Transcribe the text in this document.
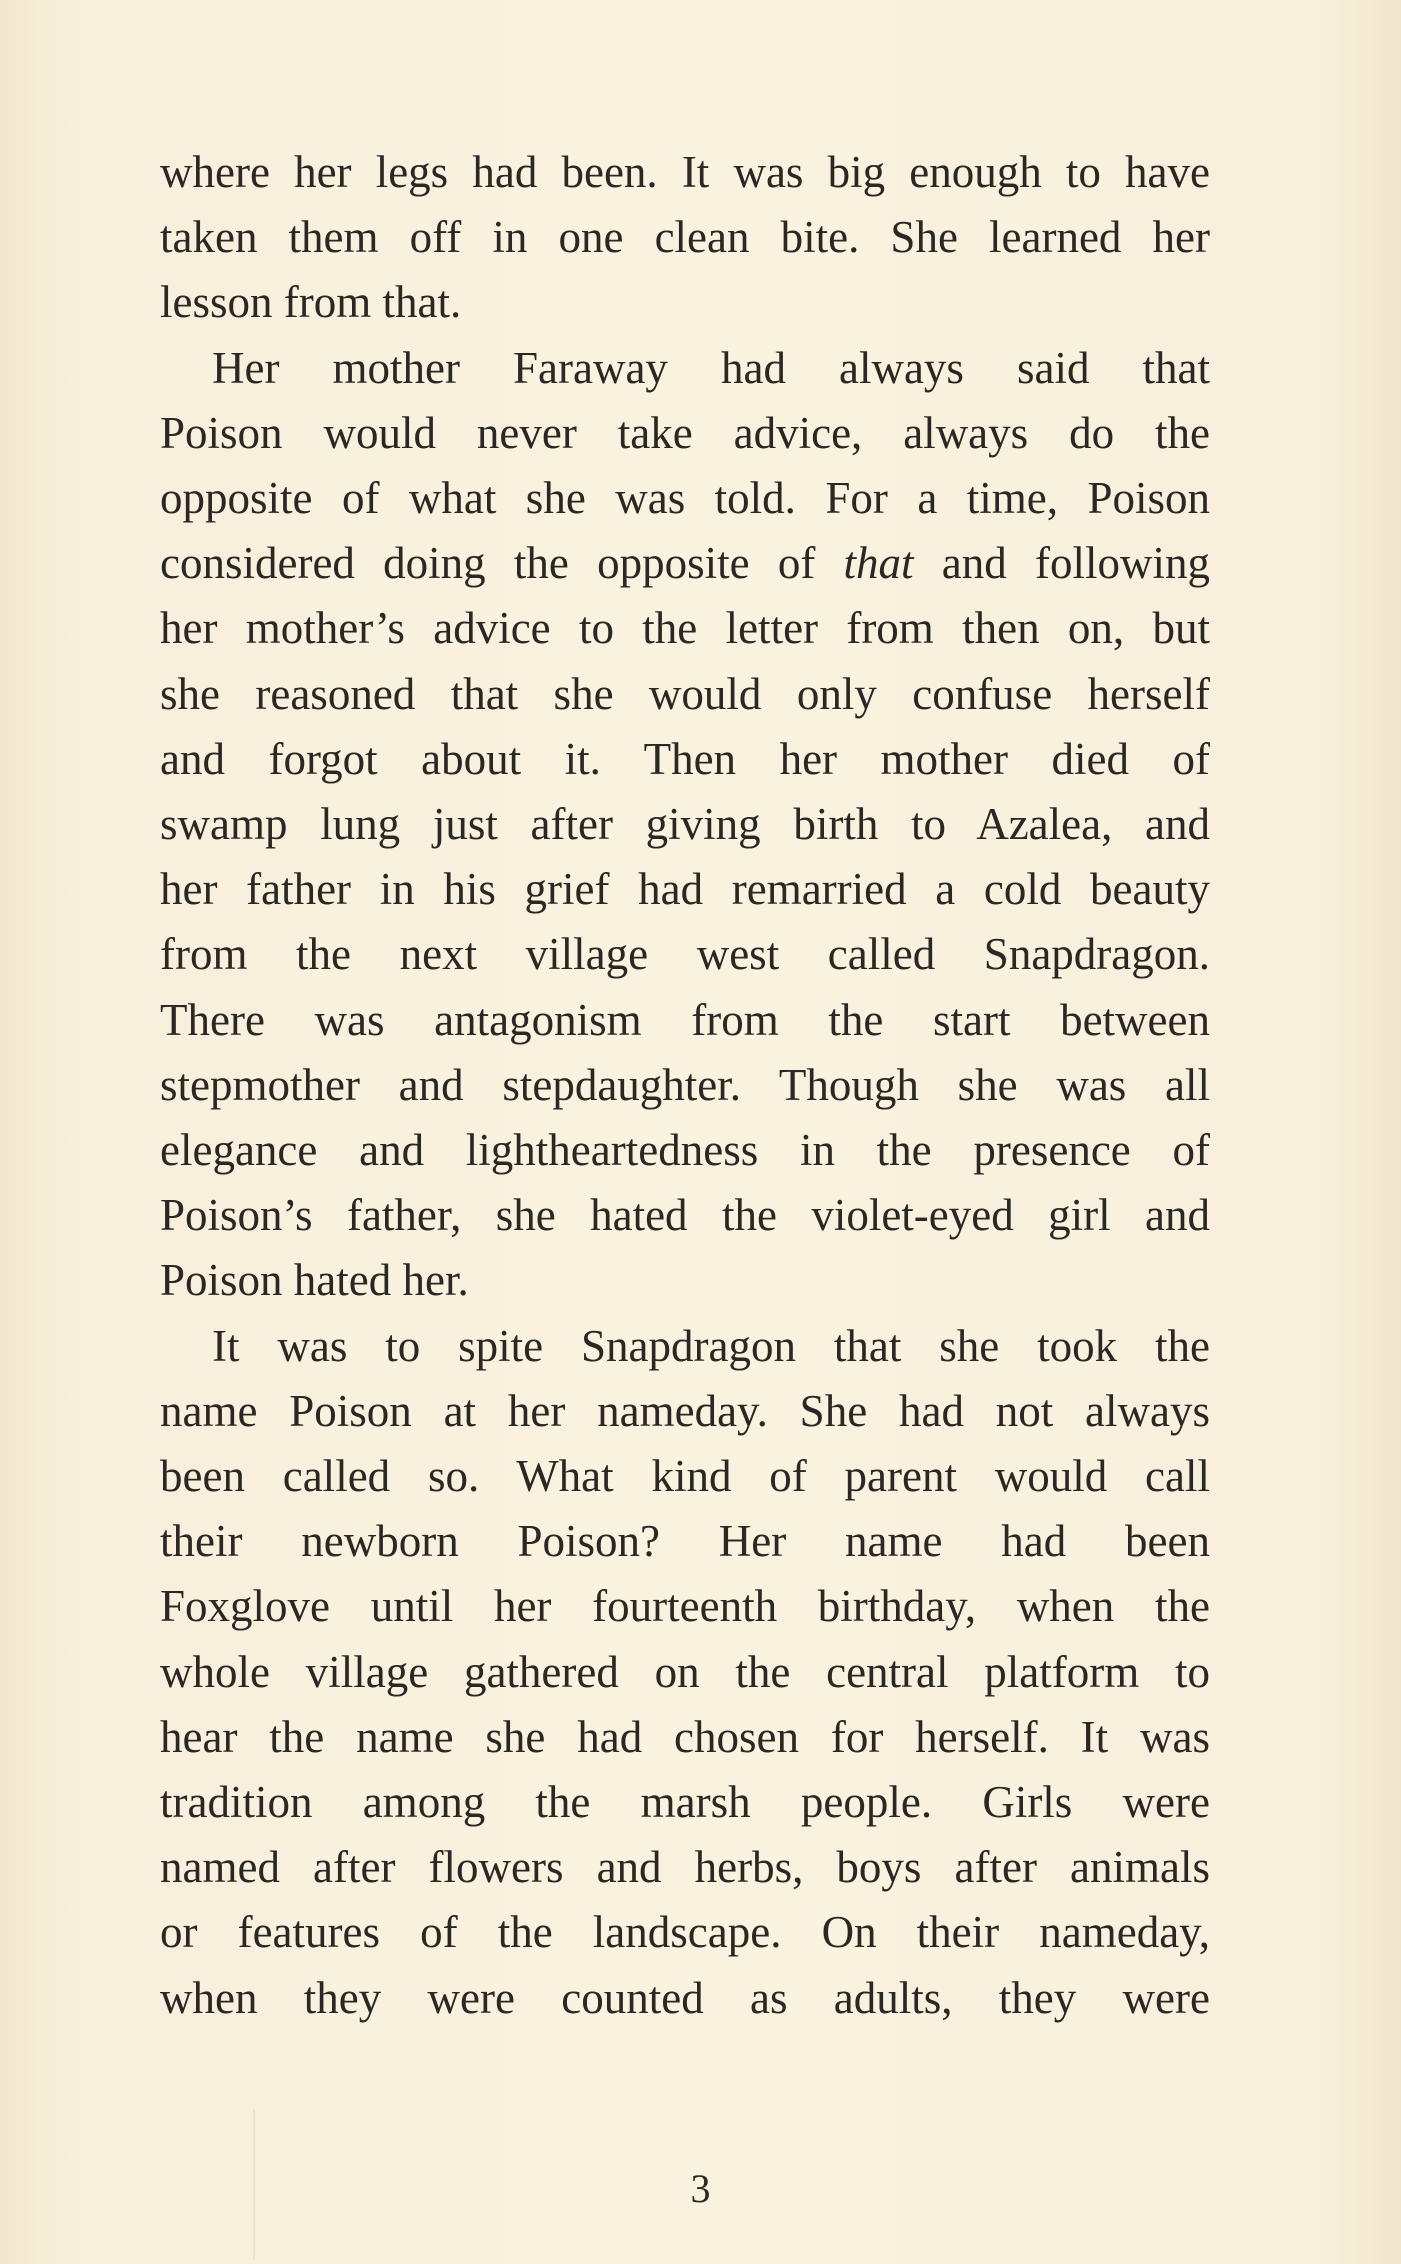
where her legs had been. It was big enough to have
taken them off in one clean bite. She learned her
lesson from that.
Her mother Faraway had always said that
Poison would never take advice, always do the
opposite of what she was told. For a time, Poison
considered doing the opposite of that and following
her mother’s advice to the letter from then on, but
she reasoned that she would only confuse herself
and forgot about it. Then her mother died of
swamp lung just after giving birth to Azalea, and
her father in his grief had remarried a cold beauty
from the next village west called Snapdragon.
There was antagonism from the start between
stepmother and stepdaughter. Though she was all
elegance and lightheartedness in the presence of
Poison’s father, she hated the violet-eyed girl and
Poison hated her.
It was to spite Snapdragon that she took the
name Poison at her nameday. She had not always
been called so. What kind of parent would call
their newborn Poison? Her name had been
Foxglove until her fourteenth birthday, when the
whole village gathered on the central platform to
hear the name she had chosen for herself. It was
tradition among the marsh people. Girls were
named after flowers and herbs, boys after animals
or features of the landscape. On their nameday,
when they were counted as adults, they were
3
